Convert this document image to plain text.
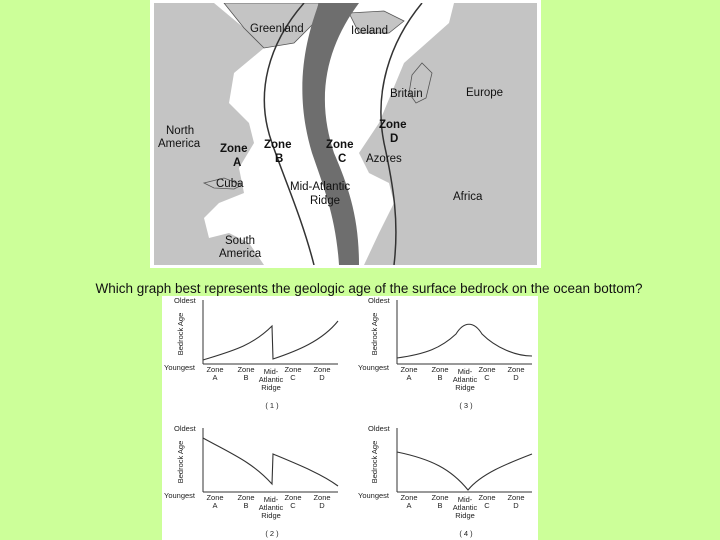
Greenland	Iceland
Britain	Europe
North
America Zone
A
Zone
B
Zone
C
Zone
D
Azores
Cuba	Mid-Atlantic
Ridge	Africa
South
America
Which graph best represents the geologic age of the surface bedrock on the ocean bottom?
Oldest
Youngest
Bedrock Age
Zone
A
Zone
B
Zone
C
Zone
D
Mid-
Atlantic
Ridge
( 1 )
Oldest
Youngest
Bedrock Age
Zone
A
Zone
B
Zone
C
Zone
D
Mid-
Atlantic
Ridge
( 3 )
Oldest
Youngest
Bedrock Age
Zone
A
Zone
B
Zone
C
Zone
D
Mid-
Atlantic
Ridge
( 2 )
Oldest
Youngest
Bedrock Age
Zone
A
Zone
B
Zone
C
Zone
D
Mid-
Atlantic
Ridge
( 4 )
